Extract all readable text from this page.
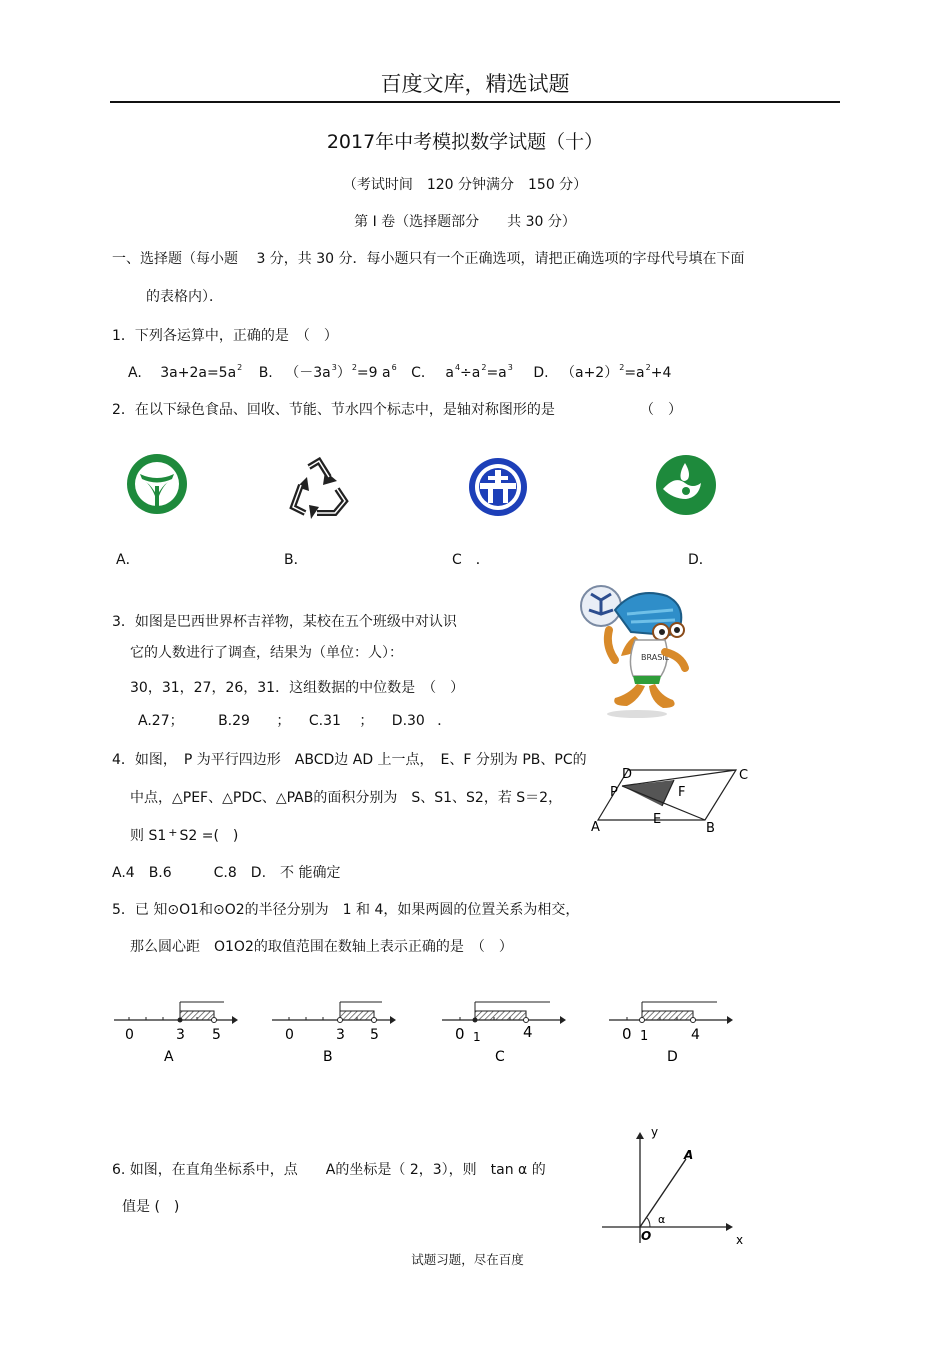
百度文库，精选试题
2017年中考模拟数学试题（十）
（考试时间　120 分钟满分　150 分）
第 Ⅰ 卷（选择题部分　　共 30 分）
一、选择题（每小题　 3 分，共 30 分．每小题只有一个正确选项，请把正确选项的字母代号填在下面
的表格内）．
1．下列各运算中，正确的是　（　）
A. $3a+2a=5a^2$ B. $(-3a^3)^2=9$ $a^6$ C． $a^4\div a^2=a^3$ D. $(a+2)^2=a^2+4$
2．在以下绿色食品、回收、节能、节水四个标志中，是轴对称图形的是	（　）
A．	B．	C　．	D．
3．如图是巴西世界杯吉祥物，某校在五个班级中对认识
它的人数进行了调查，结果为（单位：人）：
30，31，27，26，31．这组数据的中位数是　（　）
A.27； B.29 ； C.31 ； D.30 ．
BRASIL
4．如图，　P 为平行四边形　ABCD边 AD 上一点，　E、F 分别为 PB、PC的
中点，△PEF、△PDC、△PAB的面积分别为　S、S1、S2，若 S＝2，
则 S1 + S2 =(　)
A.4　B.6　　　C.8　D.　不 能确定
D	C
P	F
E
A	B
5．已 知⊙O1和⊙O2的半径分别为　1 和 4，如果两圆的位置关系为相交，
那么圆心距　O1O2的取值范围在数轴上表示正确的是　（　）
0	3 5
A
0	3 5
B
0 1	4
C
0 1	4
D
6. 如图，在直角坐标系中，点　　A的坐标是（ 2，3），则　tan α 的
值是 (　)
y
A
α
O	x
试题习题，尽在百度
